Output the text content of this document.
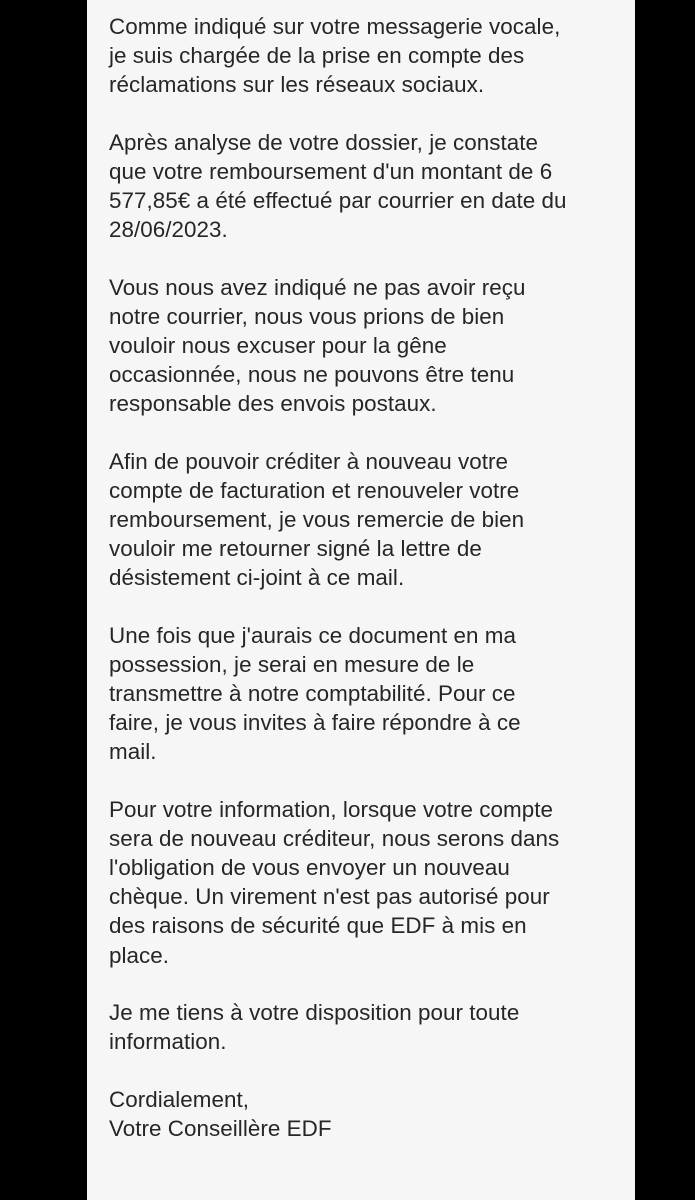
Comme indiqué sur votre messagerie vocale,
je suis chargée de la prise en compte des
réclamations sur les réseaux sociaux.
Après analyse de votre dossier, je constate
que votre remboursement d'un montant de 6
577,85€ a été effectué par courrier en date du
28/06/2023.
Vous nous avez indiqué ne pas avoir reçu
notre courrier, nous vous prions de bien
vouloir nous excuser pour la gêne
occasionnée, nous ne pouvons être tenu
responsable des envois postaux.
Afin de pouvoir créditer à nouveau votre
compte de facturation et renouveler votre
remboursement, je vous remercie de bien
vouloir me retourner signé la lettre de
désistement ci-joint à ce mail.
Une fois que j'aurais ce document en ma
possession, je serai en mesure de le
transmettre à notre comptabilité. Pour ce
faire, je vous invites à faire répondre à ce
mail.
Pour votre information, lorsque votre compte
sera de nouveau créditeur, nous serons dans
l'obligation de vous envoyer un nouveau
chèque. Un virement n'est pas autorisé pour
des raisons de sécurité que EDF à mis en
place.
Je me tiens à votre disposition pour toute
information.
Cordialement,
Votre Conseillère EDF
